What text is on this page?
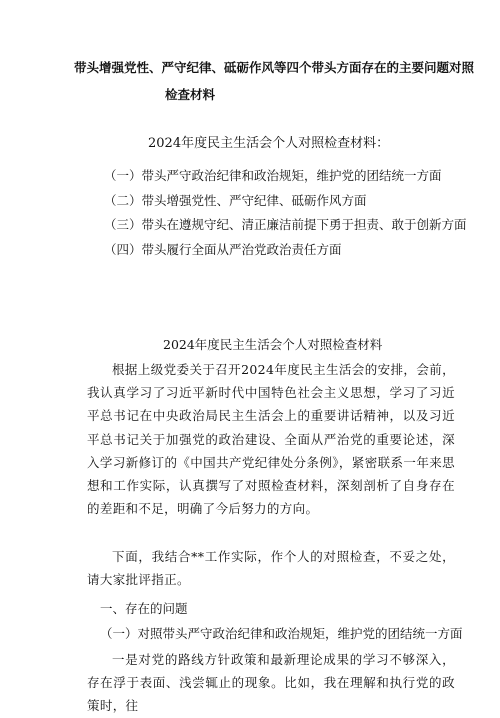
带头增强党性、严守纪律、砥砺作风等四个带头方面存在的主要问题对照
检查材料
2024年度民主生活会个人对照检查材料：
（一）带头严守政治纪律和政治规矩，维护党的团结统一方面
（二）带头增强党性、严守纪律、砥砺作风方面
（三）带头在遵规守纪、清正廉洁前提下勇于担责、敢于创新方面
（四）带头履行全面从严治党政治责任方面
2024年度民主生活会个人对照检查材料

根据上级党委关于召开2024年度民主生活会的安排，会前，我认真学习了习近平新时代中国特色社会主义思想，学习了习近平总书记在中央政治局民主生活会上的重要讲话精神，以及习近平总书记关于加强党的政治建设、全面从严治党的重要论述，深入学习新修订的《中国共产党纪律处分条例》，紧密联系一年来思想和工作实际，认真撰写了对照检查材料，深刻剖析了自身存在的差距和不足，明确了今后努力的方向。

下面，我结合**工作实际，作个人的对照检查，不妥之处，请大家批评指正。

一、存在的问题
（一）对照带头严守政治纪律和政治规矩，维护党的团结统一方面

一是对党的路线方针政策和最新理论成果的学习不够深入，存在浮于表面、浅尝辄止的现象。比如，我在理解和执行党的政策时，往
